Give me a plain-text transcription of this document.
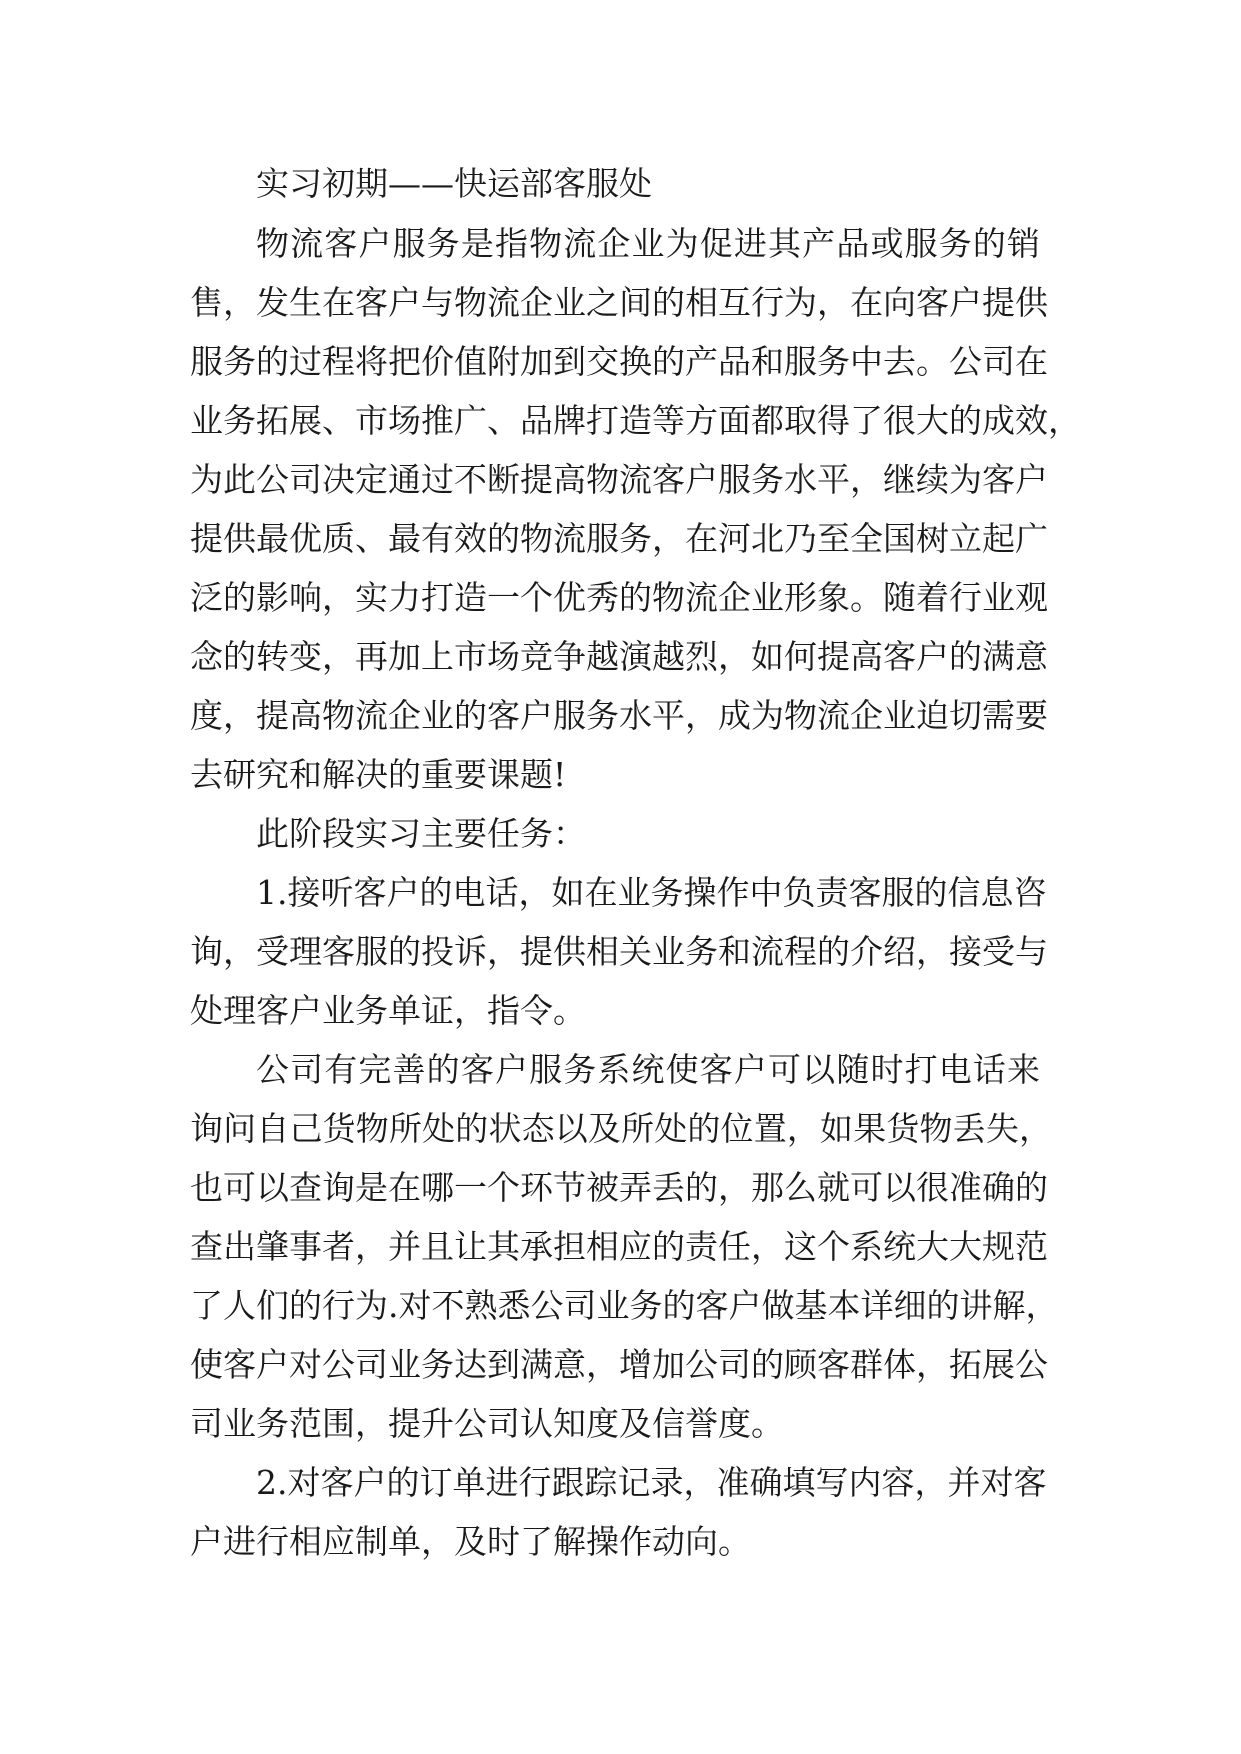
实习初期——快运部客服处
物流客户服务是指物流企业为促进其产品或服务的销
售，发生在客户与物流企业之间的相互行为，在向客户提供
服务的过程将把价值附加到交换的产品和服务中去。公司在
业务拓展、市场推广、品牌打造等方面都取得了很大的成效，
为此公司决定通过不断提高物流客户服务水平，继续为客户
提供最优质、最有效的物流服务，在河北乃至全国树立起广
泛的影响，实力打造一个优秀的物流企业形象。随着行业观
念的转变，再加上市场竞争越演越烈，如何提高客户的满意
度，提高物流企业的客户服务水平，成为物流企业迫切需要
去研究和解决的重要课题!
此阶段实习主要任务：
1.接听客户的电话，如在业务操作中负责客服的信息咨
询，受理客服的投诉，提供相关业务和流程的介绍，接受与
处理客户业务单证，指令。
公司有完善的客户服务系统使客户可以随时打电话来
询问自己货物所处的状态以及所处的位置，如果货物丢失，
也可以查询是在哪一个环节被弄丢的，那么就可以很准确的
查出肇事者，并且让其承担相应的责任，这个系统大大规范
了人们的行为.对不熟悉公司业务的客户做基本详细的讲解，
使客户对公司业务达到满意，增加公司的顾客群体，拓展公
司业务范围，提升公司认知度及信誉度。
2.对客户的订单进行跟踪记录，准确填写内容，并对客
户进行相应制单，及时了解操作动向。
